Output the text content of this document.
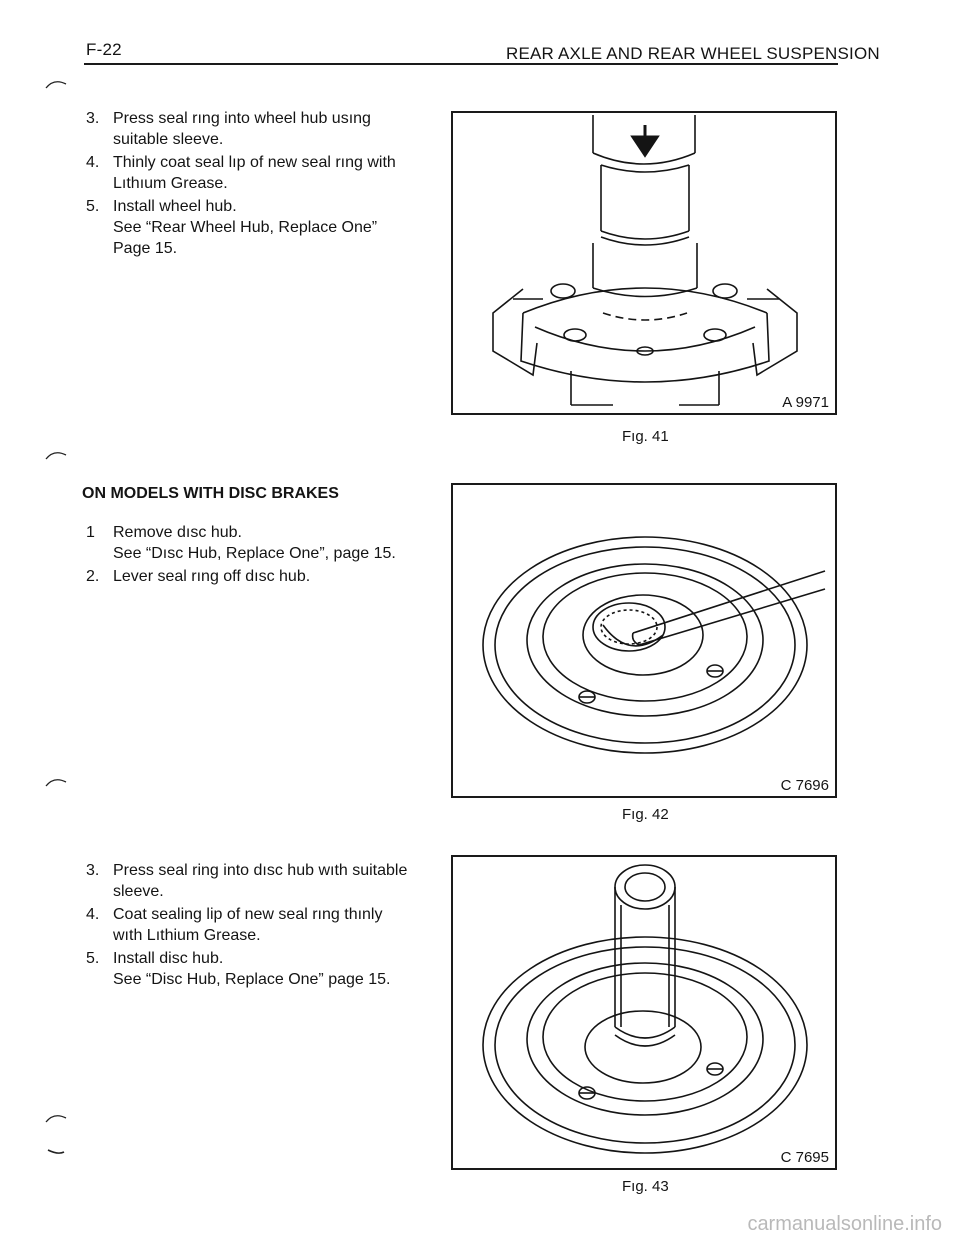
F-22	REAR AXLE AND REAR WHEEL SUSPENSION
3. Press seal rıng into wheel hub usıng
suitable sleeve.
4. Thinly coat seal lıp of new seal rıng with
Lıthıum Grease.
5. Install wheel hub.
See “Rear Wheel Hub, Replace One”
Page 15.
ON MODELS WITH DISC BRAKES
1	Remove dısc hub.
See “Dısc Hub, Replace One”, page 15.
2. Lever seal rıng off dısc hub.
3. Press seal ring into dısc hub wıth suitable
sleeve.
4. Coat sealing lip of new seal rıng thınly
wıth Lıthium Grease.
5. Install disc hub.
See “Disc Hub, Replace One” page 15.
A 9971
Fıg. 41
C 7696
Fıg. 42
C 7695
Fıg. 43
carmanualsonline.info
